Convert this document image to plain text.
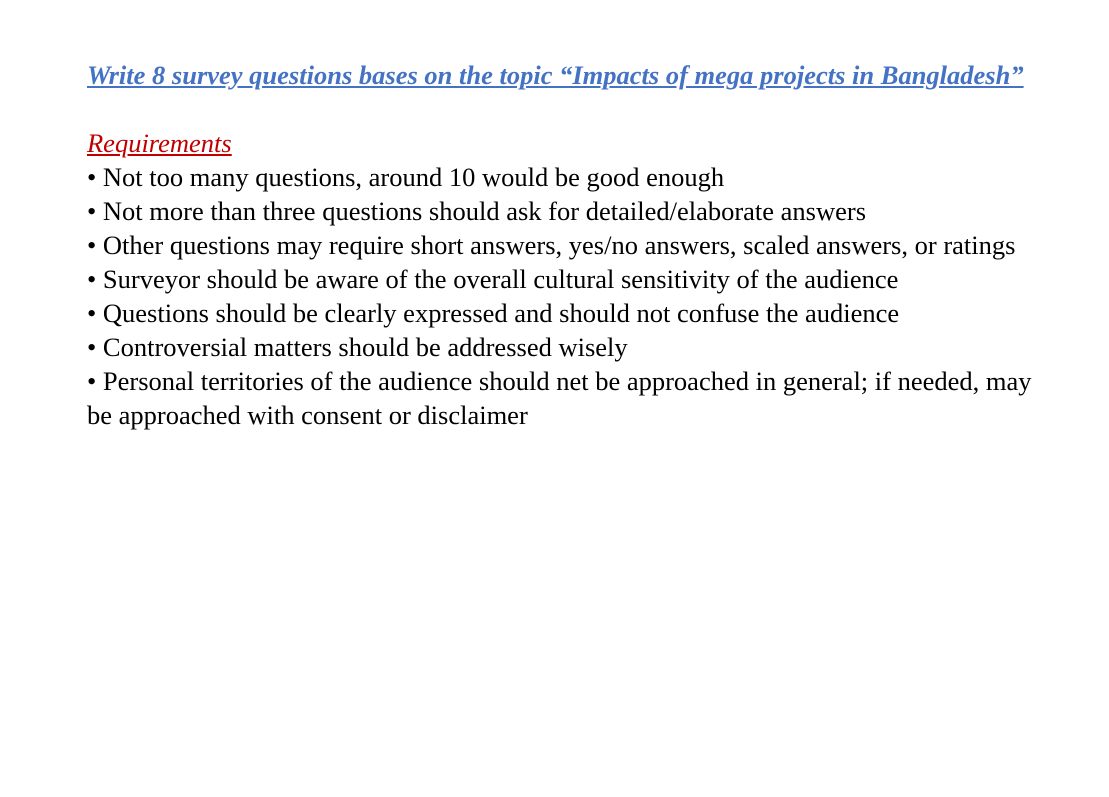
Write 8 survey questions bases on the topic “Impacts of mega projects in Bangladesh”

Requirements

• Not too many questions, around 10 would be good enough
• Not more than three questions should ask for detailed/elaborate answers
• Other questions may require short answers, yes/no answers, scaled answers, or ratings
• Surveyor should be aware of the overall cultural sensitivity of the audience
• Questions should be clearly expressed and should not confuse the audience
• Controversial matters should be addressed wisely
• Personal territories of the audience should net be approached in general; if needed, may be approached with consent or disclaimer
